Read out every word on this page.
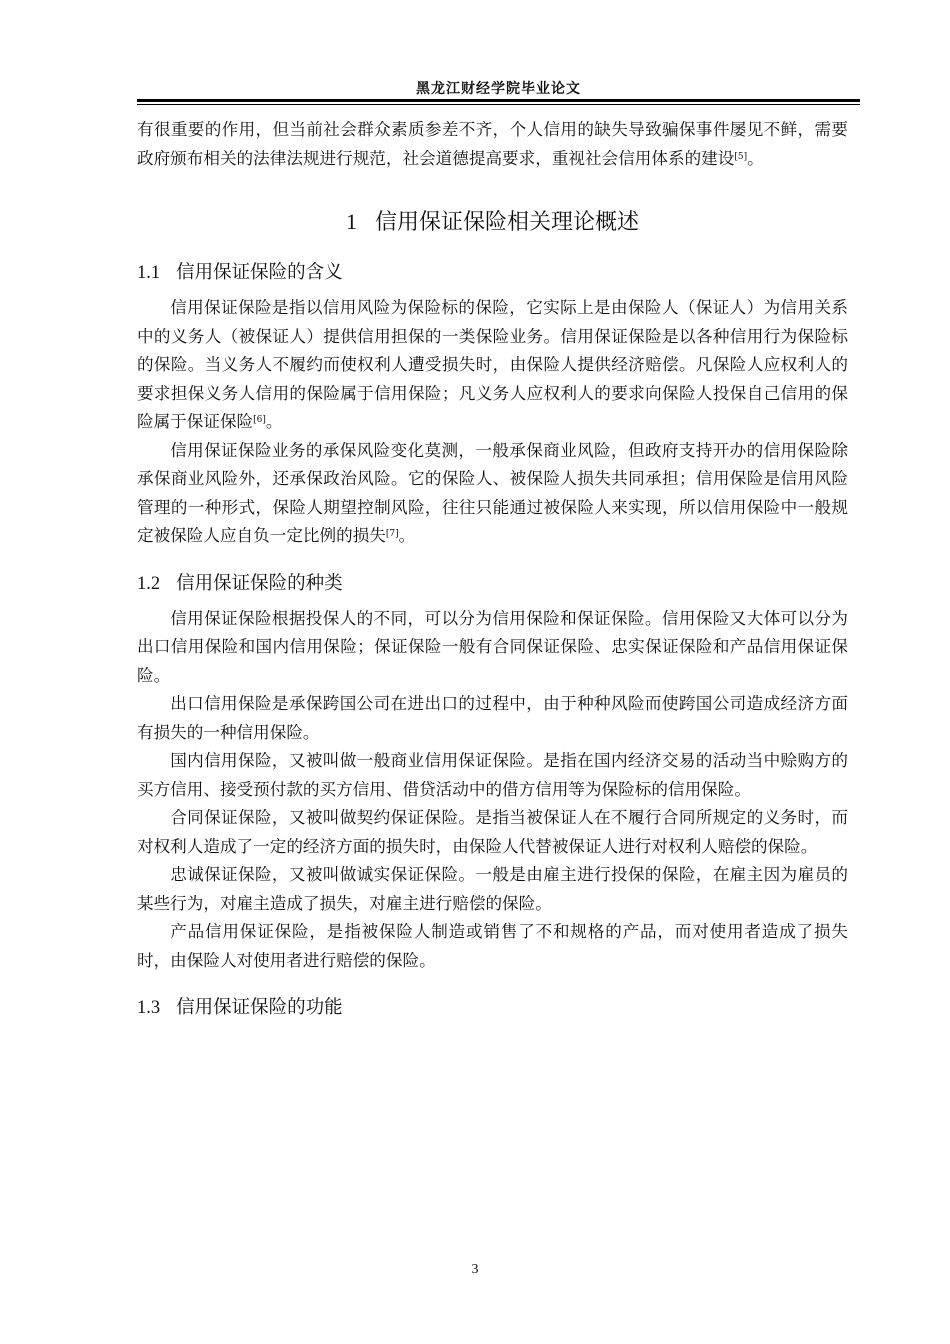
黑龙江财经学院毕业论文

有很重要的作用，但当前社会群众素质参差不齐，个人信用的缺失导致骗保事件屡见不鲜，需要政府颁布相关的法律法规进行规范，社会道德提高要求，重视社会信用体系的建设[5]。

1 信用保证保险相关理论概述
1.1 信用保证保险的含义

信用保证保险是指以信用风险为保险标的保险，它实际上是由保险人（保证人）为信用关系中的义务人（被保证人）提供信用担保的一类保险业务。信用保证保险是以各种信用行为保险标的保险。当义务人不履约而使权利人遭受损失时，由保险人提供经济赔偿。凡保险人应权利人的要求担保义务人信用的保险属于信用保险；凡义务人应权利人的要求向保险人投保自己信用的保险属于保证保险[6]。

信用保证保险业务的承保风险变化莫测，一般承保商业风险，但政府支持开办的信用保险除承保商业风险外，还承保政治风险。它的保险人、被保险人损失共同承担；信用保险是信用风险管理的一种形式，保险人期望控制风险，往往只能通过被保险人来实现，所以信用保险中一般规定被保险人应自负一定比例的损失[7]。

1.2 信用保证保险的种类

信用保证保险根据投保人的不同，可以分为信用保险和保证保险。信用保险又大体可以分为出口信用保险和国内信用保险；保证保险一般有合同保证保险、忠实保证保险和产品信用保证保险。

出口信用保险是承保跨国公司在进出口的过程中，由于种种风险而使跨国公司造成经济方面有损失的一种信用保险。

国内信用保险，又被叫做一般商业信用保证保险。是指在国内经济交易的活动当中赊购方的买方信用、接受预付款的买方信用、借贷活动中的借方信用等为保险标的信用保险。

合同保证保险，又被叫做契约保证保险。是指当被保证人在不履行合同所规定的义务时，而对权利人造成了一定的经济方面的损失时，由保险人代替被保证人进行对权利人赔偿的保险。

忠诚保证保险，又被叫做诚实保证保险。一般是由雇主进行投保的保险，在雇主因为雇员的某些行为，对雇主造成了损失，对雇主进行赔偿的保险。

产品信用保证保险，是指被保险人制造或销售了不和规格的产品，而对使用者造成了损失时，由保险人对使用者进行赔偿的保险。

1.3 信用保证保险的功能
3
